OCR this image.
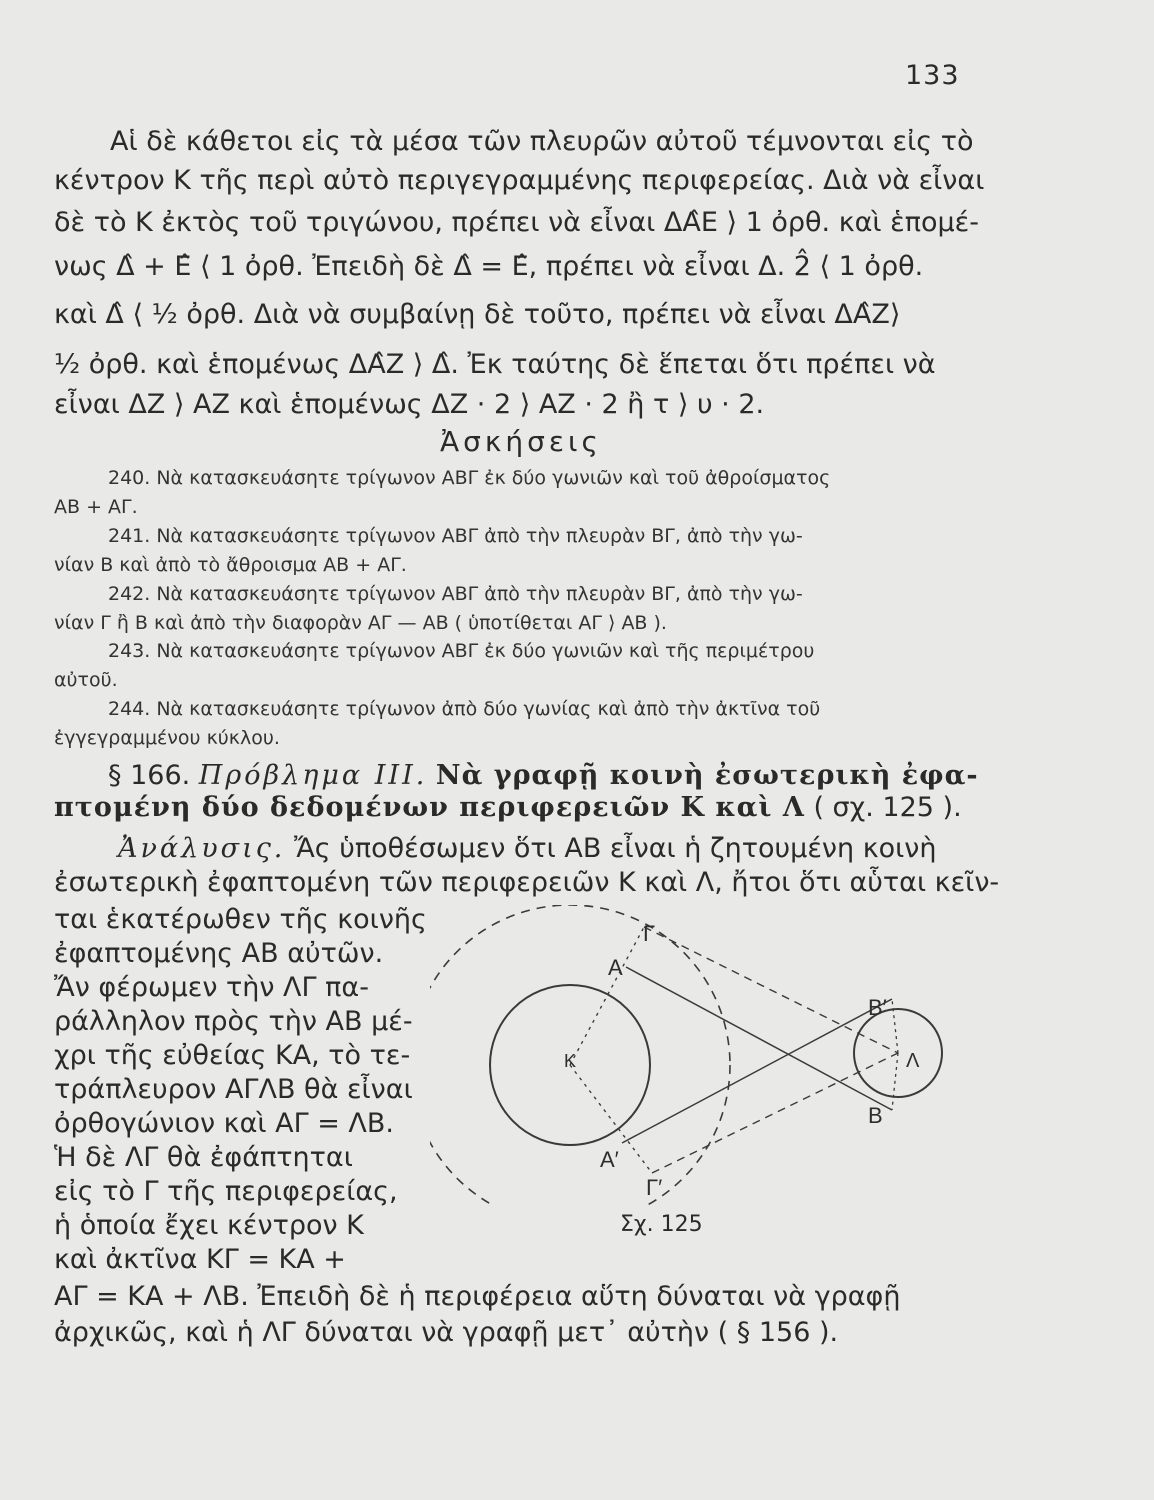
133
Αἱ δὲ κάθετοι εἰς τὰ μέσα τῶν πλευρῶν αὐτοῦ τέμνονται εἰς τὸ
κέντρον Κ τῆς περὶ αὐτὸ περιγεγραμμένης περιφερείας. Διὰ νὰ εἶναι
δὲ τὸ Κ ἐκτὸς τοῦ τριγώνου, πρέπει νὰ εἶναι ΔΑ̂Ε ⟩ 1 ὀρθ. καὶ ἑπομέ-
νως Δ̂ + Ε̂ ⟨ 1 ὀρθ. Ἐπειδὴ δὲ Δ̂ = Ε̂, πρέπει νὰ εἶναι Δ. 2̂ ⟨ 1 ὀρθ.
καὶ Δ̂ ⟨ ½ ὀρθ. Διὰ νὰ συμβαίνῃ δὲ τοῦτο, πρέπει νὰ εἶναι ΔΑ̂Ζ⟩
½ ὀρθ. καὶ ἑπομένως ΔΑ̂Ζ ⟩ Δ̂. Ἐκ ταύτης δὲ ἕπεται ὅτι πρέπει νὰ
εἶναι ΔΖ ⟩ ΑΖ καὶ ἑπομένως ΔΖ · 2 ⟩ ΑΖ · 2 ἢ τ ⟩ υ · 2.
Ἀσκήσεις
240. Νὰ κατασκευάσητε τρίγωνον ΑΒΓ ἐκ δύο γωνιῶν καὶ τοῦ ἀθροίσματος
ΑΒ + ΑΓ.
241. Νὰ κατασκευάσητε τρίγωνον ΑΒΓ ἀπὸ τὴν πλευρὰν ΒΓ, ἀπὸ τὴν γω-
νίαν Β καὶ ἀπὸ τὸ ἄθροισμα ΑΒ + ΑΓ.
242. Νὰ κατασκευάσητε τρίγωνον ΑΒΓ ἀπὸ τὴν πλευρὰν ΒΓ, ἀπὸ τὴν γω-
νίαν Γ ἢ Β καὶ ἀπὸ τὴν διαφορὰν ΑΓ — ΑΒ ( ὑποτίθεται ΑΓ ⟩ ΑΒ ).
243. Νὰ κατασκευάσητε τρίγωνον ΑΒΓ ἐκ δύο γωνιῶν καὶ τῆς περιμέτρου
αὐτοῦ.
244. Νὰ κατασκευάσητε τρίγωνον ἀπὸ δύο γωνίας καὶ ἀπὸ τὴν ἀκτῖνα τοῦ
ἐγγεγραμμένου κύκλου.
§ 166. Πρόβλημα III. Νὰ γραφῇ κοινὴ ἐσωτερικὴ ἐφα-
πτομένη δύο δεδομένων περιφερειῶν Κ καὶ Λ ( σχ. 125 ).
Ἀνάλυσις. Ἄς ὑποθέσωμεν ὅτι ΑΒ εἶναι ἡ ζητουμένη κοινὴ
ἐσωτερικὴ ἐφαπτομένη τῶν περιφερειῶν Κ καὶ Λ, ἤτοι ὅτι αὗται κεῖν-
ται ἑκατέρωθεν τῆς κοινῆς
ἐφαπτομένης ΑΒ αὐτῶν.
Ἄν φέρωμεν τὴν ΛΓ πα-
ράλληλον πρὸς τὴν ΑΒ μέ-
χρι τῆς εὐθείας ΚΑ, τὸ τε-
τράπλευρον ΑΓΛΒ θὰ εἶναι
ὀρθογώνιον καὶ ΑΓ = ΛΒ.
Ἡ δὲ ΛΓ θὰ ἐφάπτηται
εἰς τὸ Γ τῆς περιφερείας,
ἡ ὁποία ἔχει κέντρον Κ
καὶ ἀκτῖνα ΚΓ = ΚΑ +
ΑΓ = ΚΑ + ΛΒ. Ἐπειδὴ δὲ ἡ περιφέρεια αὕτη δύναται νὰ γραφῇ
ἀρχικῶς, καὶ ἡ ΛΓ δύναται νὰ γραφῇ μετ᾽ αὐτὴν ( § 156 ).
Γ
Α
Β′
Κ	Λ
Β
Α′
Γ′
Σχ. 125
